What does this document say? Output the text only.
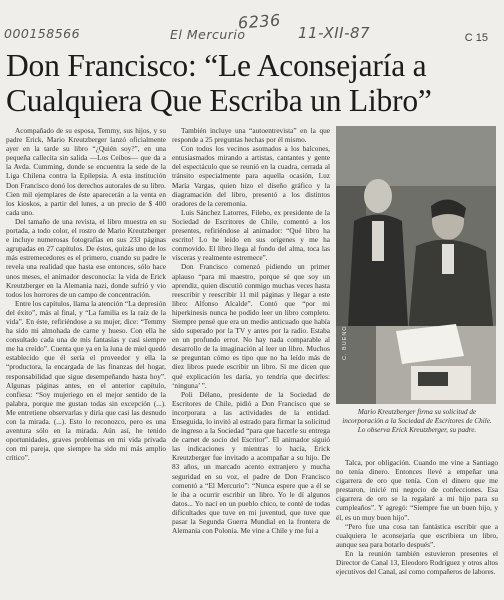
000158566
6236
El Mercurio	11-XII-87	C 15
Don Francisco: “Le Aconsejaría a Cualquiera Que Escriba un Libro”

Acompañado de su esposa, Temmy, sus hijos, y su padre Erick, Mario Kreutzberger lanzó oficialmente ayer en la tarde su libro “¿Quién soy?”, en una pequeña callecita sin salida —Los Ceibos— que da a la Avda. Cumming, donde se encuentra la sede de la Liga Chilena contra la Epilepsia. A esta institución Don Francisco donó los derechos autorales de su libro. Cien mil ejemplares de éste aparecerán a la venta en los kioskos, a partir del lunes, a un precio de $ 400 cada uno.

Del tamaño de una revista, el libro muestra en su portada, a todo color, el rostro de Mario Kreutzberger e incluye numerosas fotografías en sus 233 páginas agrupadas en 27 capítulos. De éstos, quizás uno de los más estremecedores es el primero, cuando su padre le revela una realidad que hasta ese entonces, sólo hace unos meses, el animador desconocía: la vida de Erick Kreutzberger en la Alemania nazi, donde sufrió y vio todos los horrores de un campo de concentración.

Entre los capítulos, llama la atención “La depresión del éxito”, más al final, y “La familia es la raíz de la vida”. En éste, refiriéndose a su mujer, dice: “Temmy ha sido mi almohada de carne y hueso. Con ella he consultado cada una de mis fantasías y casi siempre me ha creído”. Cuenta que ya en la luna de miel quedó establecido que él sería el proveedor y ella la “productora, la encargada de las finanzas del hogar, responsabilidad que sigue desempeñando hasta hoy”. Algunas páginas antes, en el anterior capítulo, confiesa: “Soy mujeriego en el mejor sentido de la palabra, porque me gustan todas sin excepción (...). Me entretiene observarlas y diría que casi las desnudo con la mirada. (...). Esto lo reconozco, pero es una aventura sólo en la mirada. Aún así, he tenido oportunidades, graves problemas en mi vida privada con mi pareja, que siempre ha sido mi más amplio crítico”.

También incluye una “autoentrevista” en la que responde a 25 preguntas hechas por él mismo.

Con todos los vecinos asomados a los balcones, entusiasmados mirando a artistas, cantantes y gente del espectáculo que se reunió en la cuadra, cerrada al tránsito especialmente para aquella ocasión, Luz María Vargas, quien hizo el diseño gráfico y la diagramación del libro, presentó a los distintos oradores de la ceremonia.

Luis Sánchez Latorres, Filebo, ex presidente de la Sociedad de Escritores de Chile, comentó a los presentes, refiriéndose al animador: “Qué libro ha escrito! Lo he leído en sus orígenes y me ha conmovido. El libro llega al fondo del alma, toca las vísceras y realmente estremece”.

Don Francisco comenzó pidiendo un primer aplauso “para mi maestro, porque sé que soy un aprendiz, quien discutió conmigo muchas veces hasta reescribir y reescribir 11 mil páginas y llegar a este libro: Alfonso Alcalde”. Contó que “por mi hiperkinesis nunca he podido leer un libro completo. Siempre pensé que era un medio anticuado que había sido superado por la TV y antes por la radio. Estaba en un profundo error. No hay nada comparable al desarrollo de la imaginación al leer un libro. Muchos se preguntan cómo es tipo que no ha leído más de diez libros puede escribir un libro. Si me dicen que qué explicación les daría, yo tendría que decirles: ‘ninguna’ ”.

Poli Délano, presidente de la Sociedad de Escritores de Chile, pidió a Don Francisco que se incorporara a las actividades de la entidad. Enseguida, lo invitó al estrado para firmar la solicitud de ingreso a la Sociedad “para que hacerle su entrega de carnet de socio del Escritor”. El animador siguió las indicaciones y mientras lo hacía, Erick Kreutzberger fue invitado a acompañar a su hijo. De 83 años, un marcado acento extranjero y mucha seguridad en su voz, el padre de Don Francisco comentó a “El Mercurio”: “Nunca espere que a él se le iba a ocurrir escribir un libro. Yo le dí algunos datos... Yo nací en un pueblo chico, te conté de todas dificultades que tuve en mi juventud, que tuve que pasar la Segunda Guerra Mundial en la frontera de Alemania con Polonia. Me vine a Chile y me fui a

C. BUENO
Mario Kreutzberger firma su solicitud de incorporación a la Sociedad de Escritores de Chile. Lo observa Erick Kreutzberger, su padre.

Talca, por obligación. Cuando me vine a Santiago no tenía dinero. Entonces llevé a empeñar una cigarrera de oro que tenía. Con el dinero que me prestaron, inicié mi negocio de confecciones. Esa cigarrera de oro se la regalaré a mi hijo para su cumpleaños”. Y agregó: “Siempre fue un buen hijo, y él, es un muy buen hijo”.

“Pero fue una cosa tan fantástica escribir que a cualquiera le aconsejaría que escribiera un libro, aunque sea para botarlo después”.

En la reunión también estuvieron presentes el Director de Canal 13, Eleodoro Rodríguez y otros altos ejecutivos del Canal, así como compañeros de labores.
